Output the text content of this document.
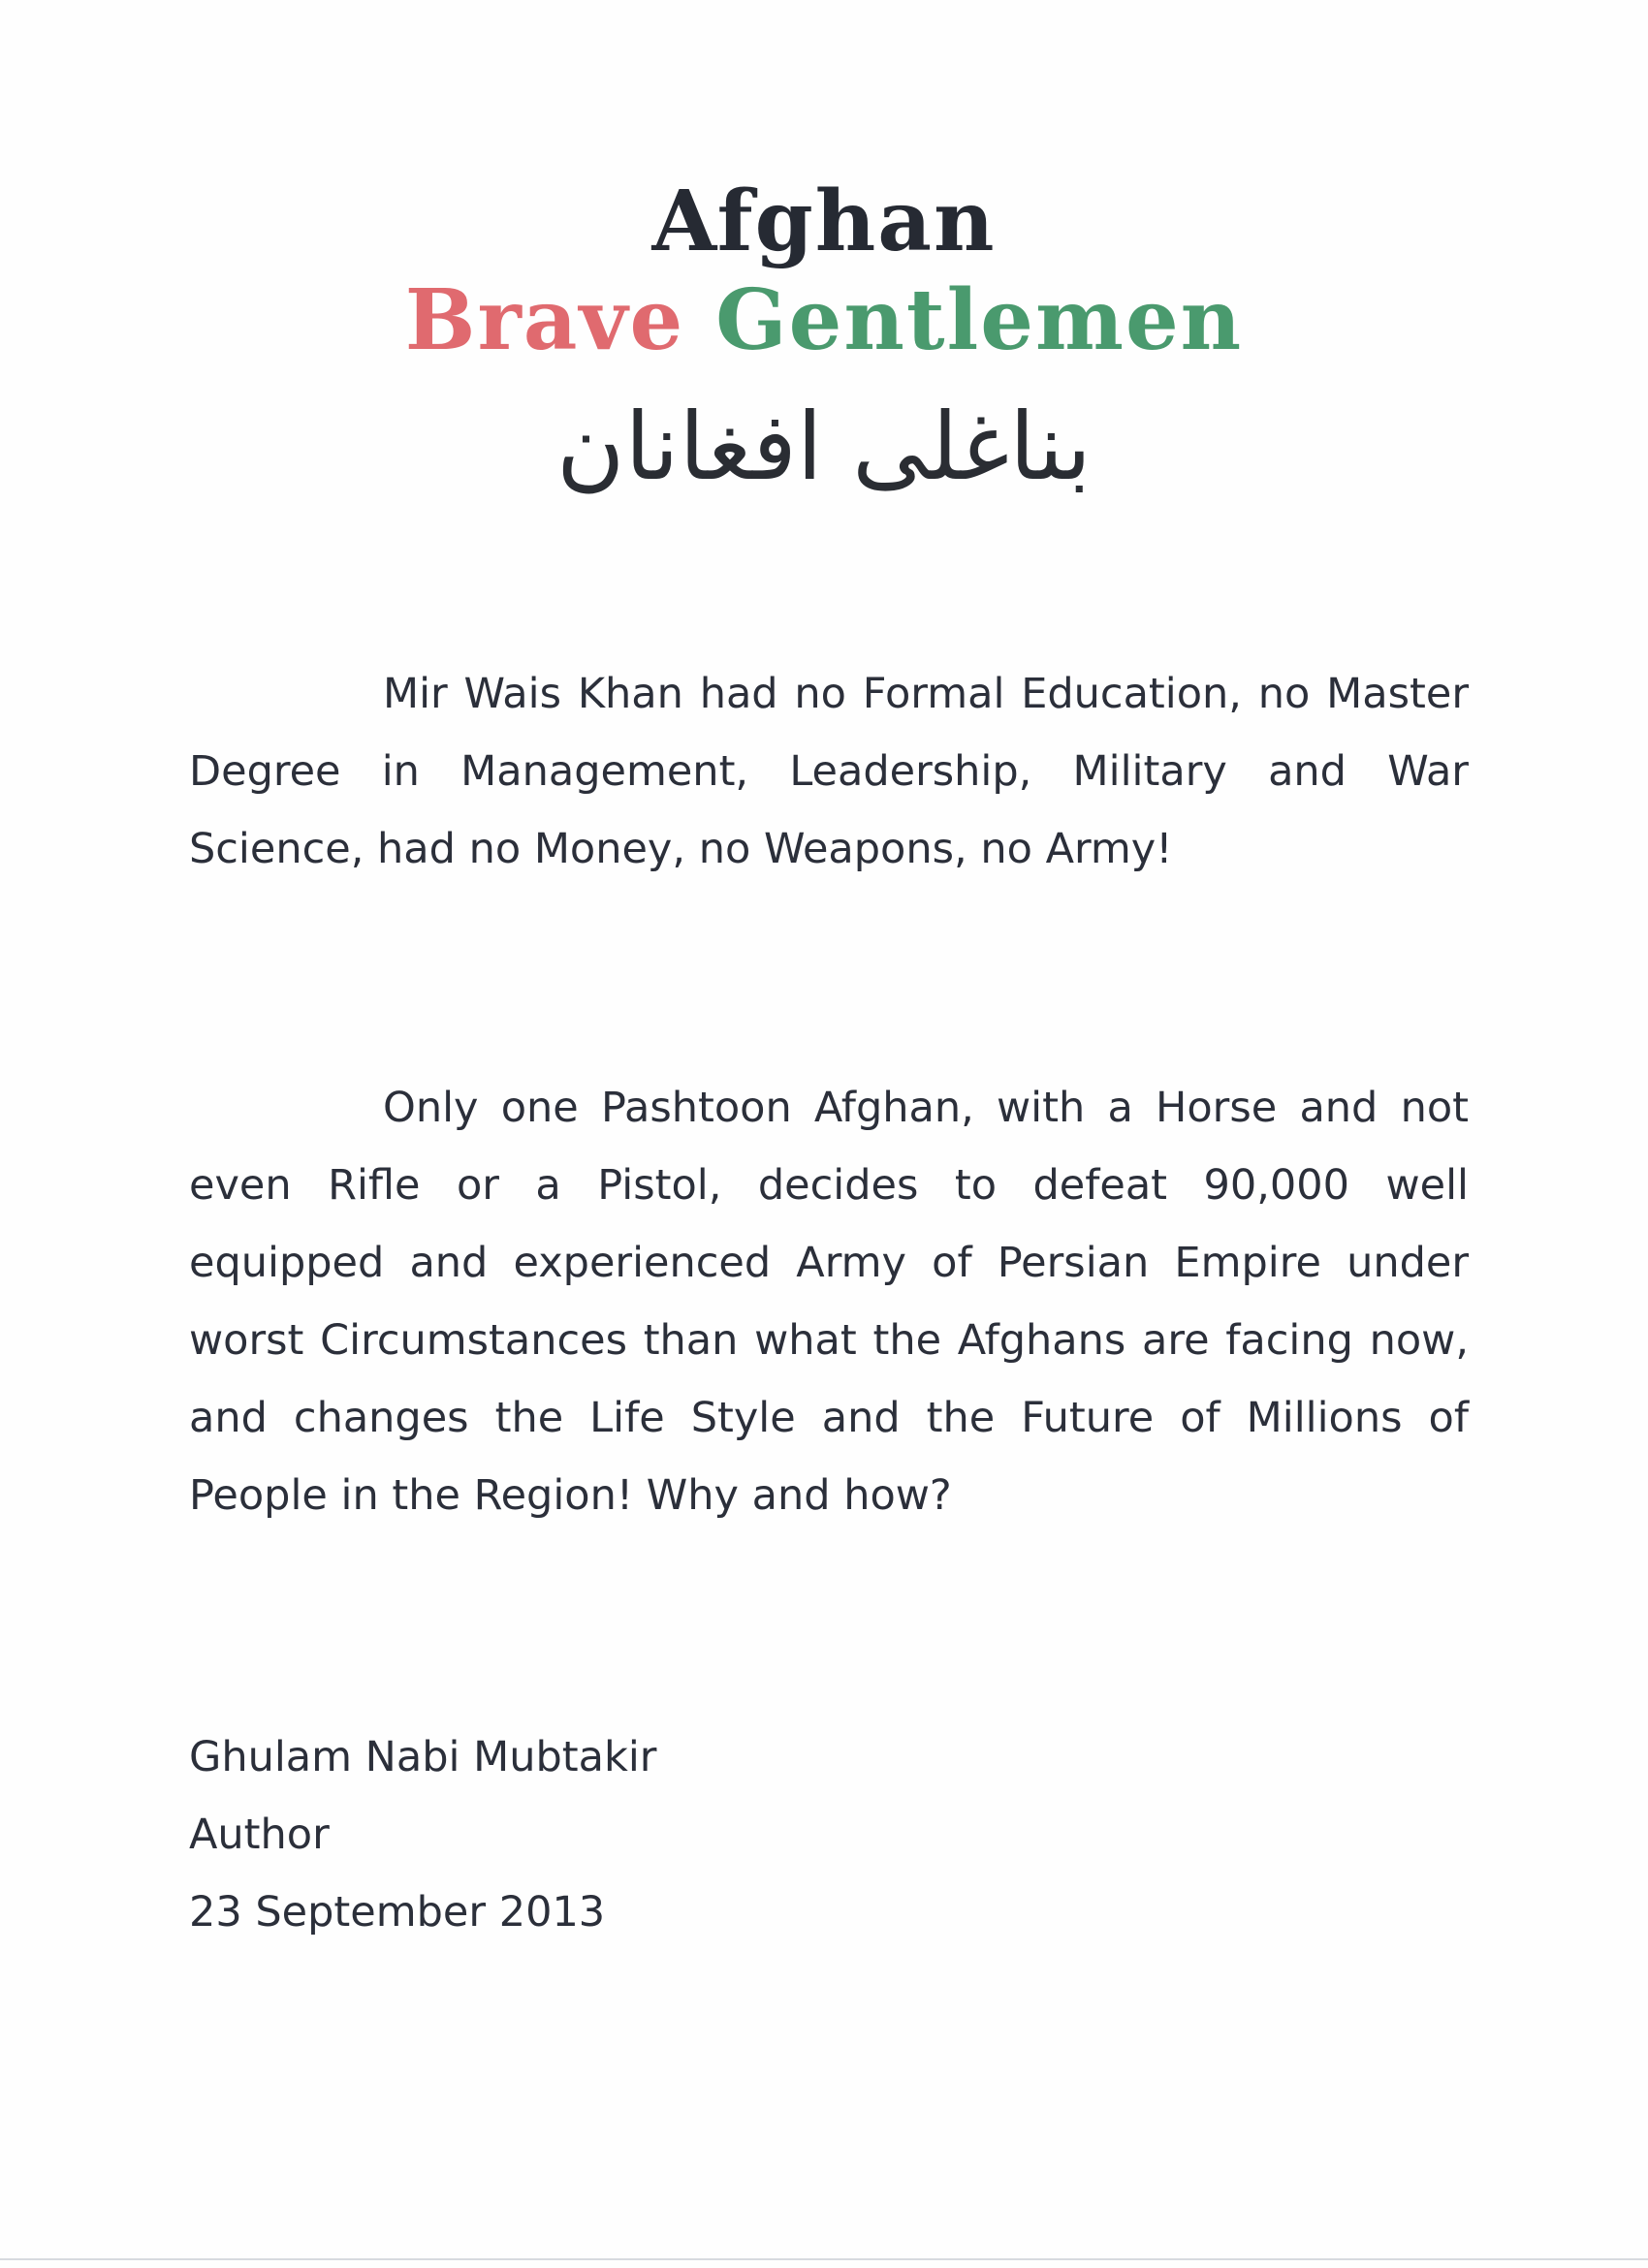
Afghan
Brave Gentlemen
بناغلی افغانان
Mir Wais Khan had no Formal Education, no Master Degree in Management, Leadership, Military and War Science, had no Money, no Weapons, no Army!
Only one Pashtoon Afghan, with a Horse and not even Rifle or a Pistol, decides to defeat 90,000 well equipped and experienced Army of Persian Empire under worst Circumstances than what the Afghans are facing now, and changes the Life Style and the Future of Millions of People in the Region! Why and how?
Ghulam Nabi Mubtakir
Author
23 September 2013
